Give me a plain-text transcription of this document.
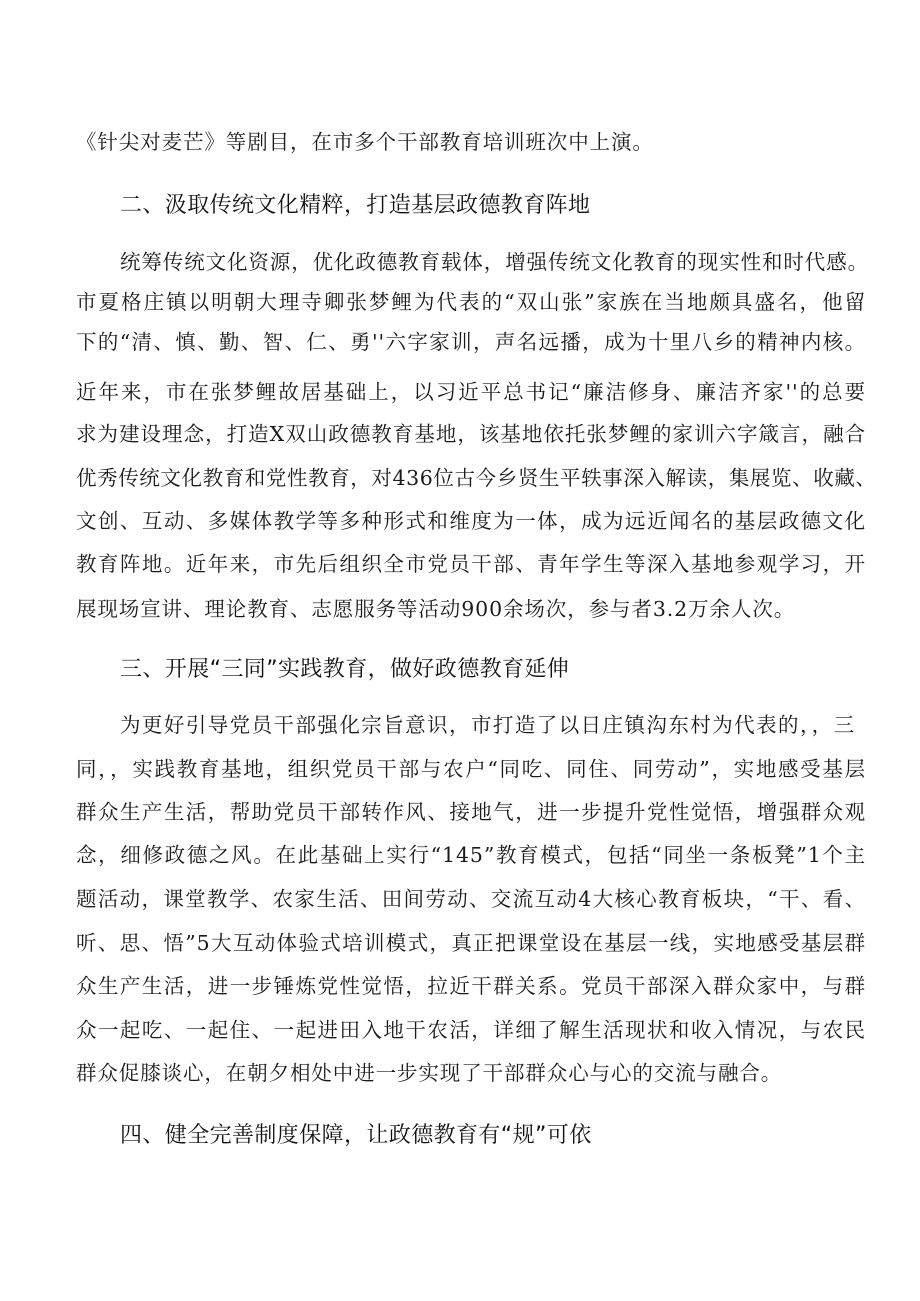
《针尖对麦芒》等剧目，在市多个干部教育培训班次中上演。
二、汲取传统文化精粹，打造基层政德教育阵地
统筹传统文化资源，优化政德教育载体，增强传统文化教育的现实性和时代感。
市夏格庄镇以明朝大理寺卿张梦鲤为代表的“双山张”家族在当地颇具盛名，他留
下的“清、慎、勤、智、仁、勇''六字家训，声名远播，成为十里八乡的精神内核。
近年来，市在张梦鲤故居基础上，以习近平总书记“廉洁修身、廉洁齐家''的总要
求为建设理念，打造X双山政德教育基地，该基地依托张梦鲤的家训六字箴言，融合
优秀传统文化教育和党性教育，对436位古今乡贤生平轶事深入解读，集展览、收藏、
文创、互动、多媒体教学等多种形式和维度为一体，成为远近闻名的基层政德文化
教育阵地。近年来，市先后组织全市党员干部、青年学生等深入基地参观学习，开
展现场宣讲、理论教育、志愿服务等活动900余场次，参与者3.2万余人次。
三、开展“三同”实践教育，做好政德教育延伸
为更好引导党员干部强化宗旨意识，市打造了以日庄镇沟东村为代表的，，三
同，，实践教育基地，组织党员干部与农户“同吃、同住、同劳动”，实地感受基层
群众生产生活，帮助党员干部转作风、接地气，进一步提升党性觉悟，增强群众观
念，细修政德之风。在此基础上实行“145”教育模式，包括“同坐一条板凳”1个主
题活动，课堂教学、农家生活、田间劳动、交流互动4大核心教育板块，“干、看、
听、思、悟”5大互动体验式培训模式，真正把课堂设在基层一线，实地感受基层群
众生产生活，进一步锤炼党性觉悟，拉近干群关系。党员干部深入群众家中，与群
众一起吃、一起住、一起进田入地干农活，详细了解生活现状和收入情况，与农民
群众促膝谈心，在朝夕相处中进一步实现了干部群众心与心的交流与融合。
四、健全完善制度保障，让政德教育有“规”可依
